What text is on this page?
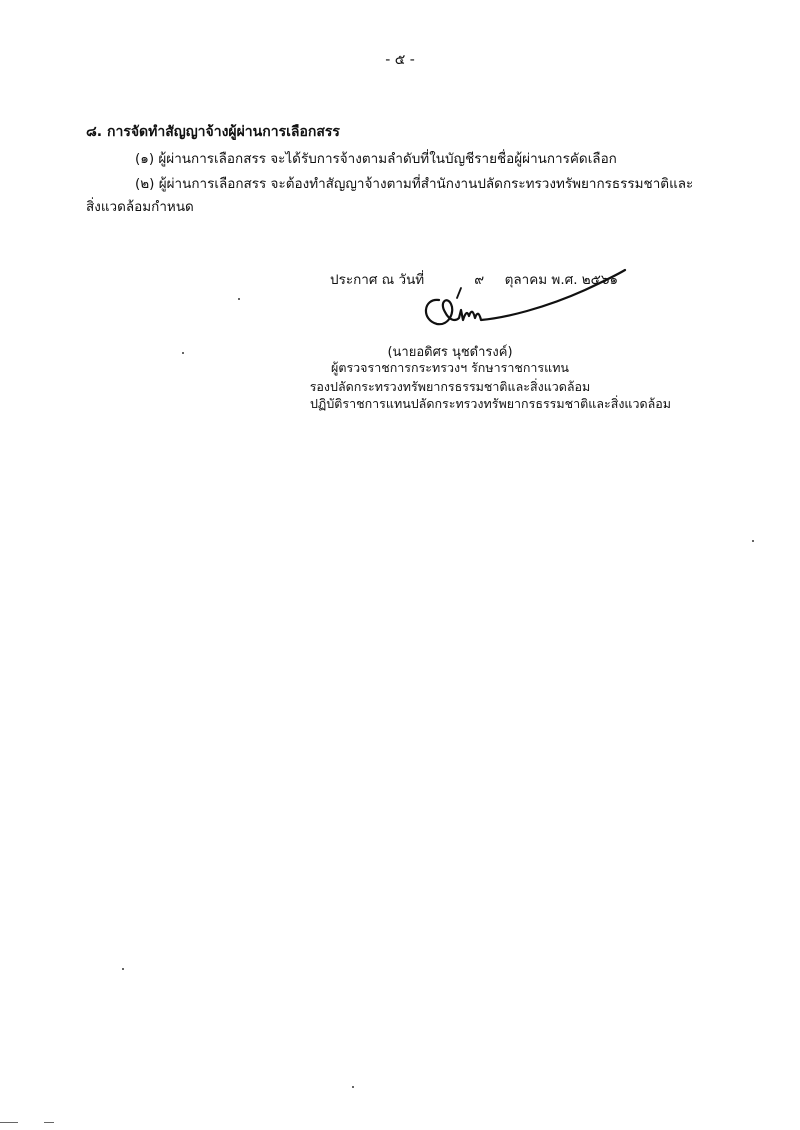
- ๕ -
๘. การจัดทำสัญญาจ้างผู้ผ่านการเลือกสรร
(๑) ผู้ผ่านการเลือกสรร จะได้รับการจ้างตามลำดับที่ในบัญชีรายชื่อผู้ผ่านการคัดเลือก
(๒) ผู้ผ่านการเลือกสรร จะต้องทำสัญญาจ้างตามที่สำนักงานปลัดกระทรวงทรัพยากรธรรมชาติและ
สิ่งแวดล้อมกำหนด
ประกาศ ณ วันที่	๙ ตุลาคม พ.ศ. ๒๕๖๑
(นายอดิศร นุชดำรงค์)
ผู้ตรวจราชการกระทรวงฯ รักษาราชการแทน
รองปลัดกระทรวงทรัพยากรธรรมชาติและสิ่งแวดล้อม
ปฏิบัติราชการแทนปลัดกระทรวงทรัพยากรธรรมชาติและสิ่งแวดล้อม
